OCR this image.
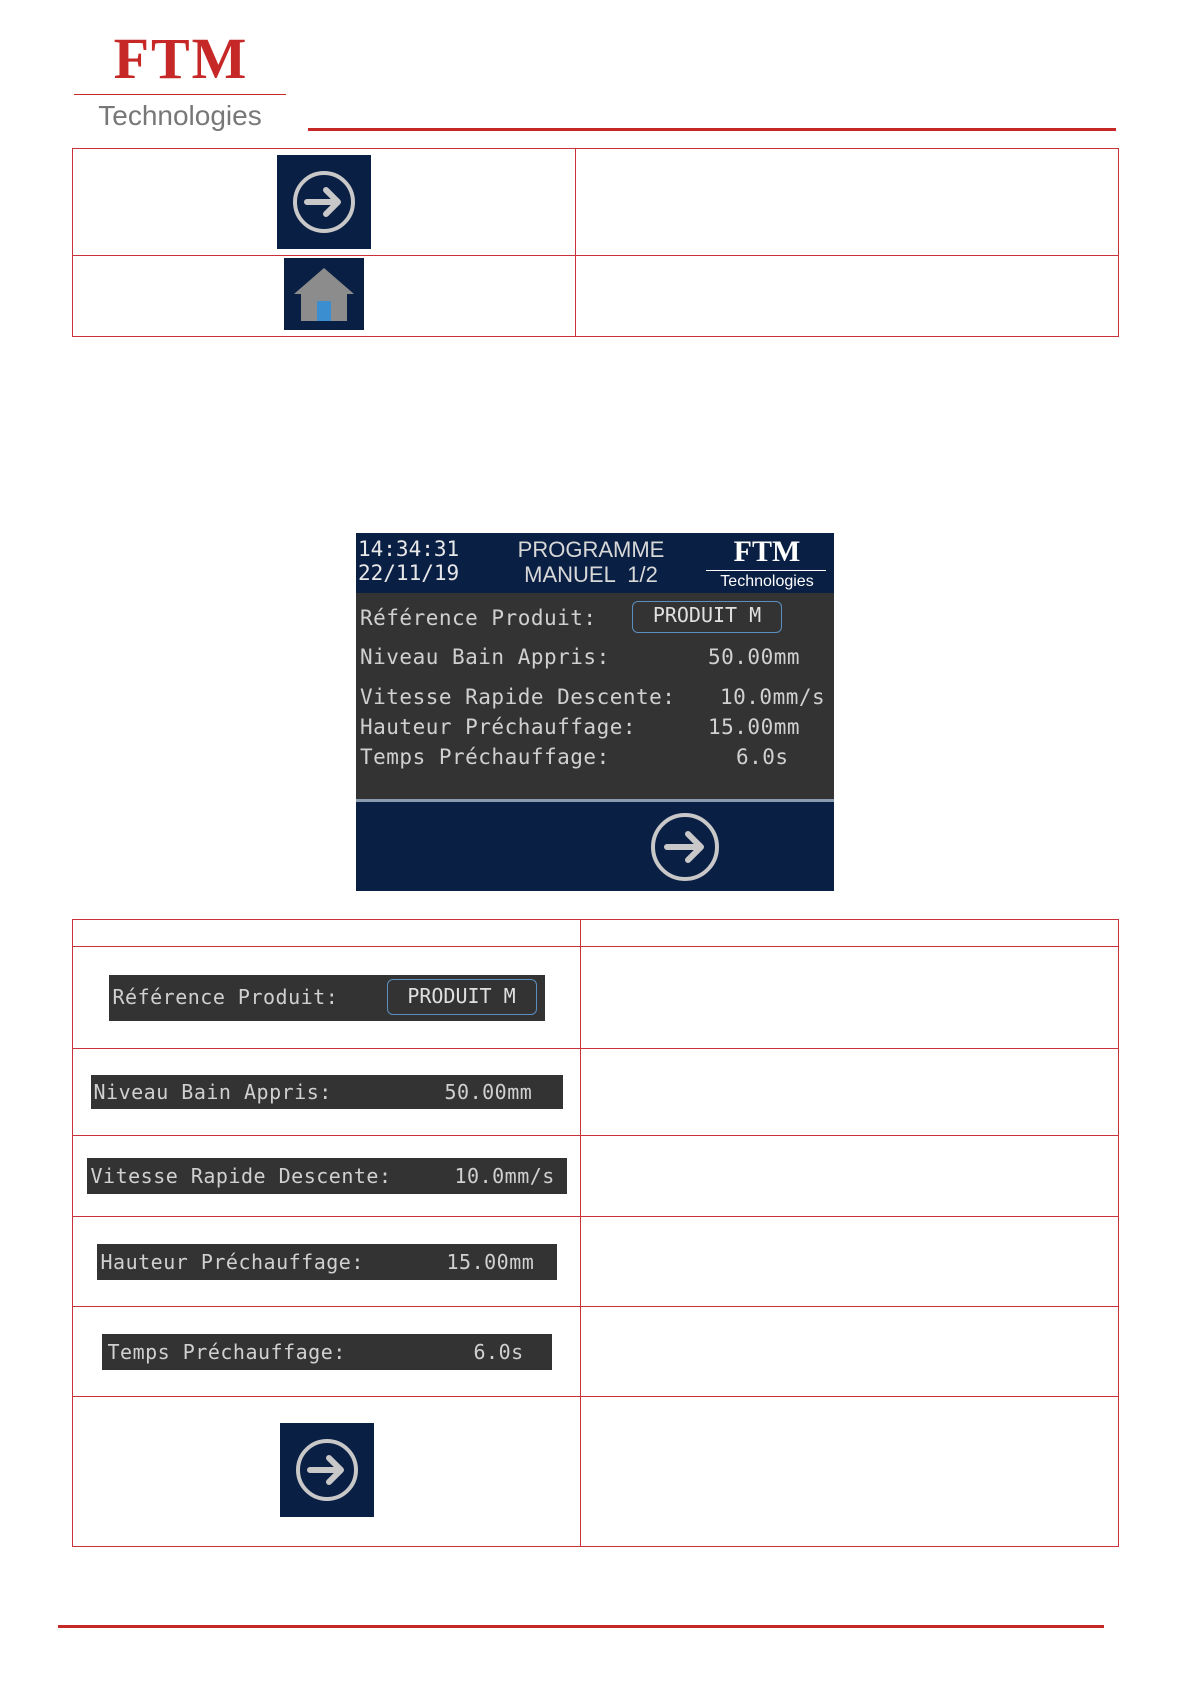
FTM
Technologies

14:34:31
22/11/19
PROGRAMME
MANUEL  1/2
FTM
Technologies
Référence Produit:	PRODUIT M
Niveau Bain Appris:	50.00mm
Vitesse Rapide Descente: 10.0mm/s
Hauteur Préchauffage:	15.00mm
Temps Préchauffage:	6.0s

Référence Produit: PRODUIT M	

Niveau Bain Appris: 50.00mm	

Vitesse Rapide Descente: 10.0mm/s	

Hauteur Préchauffage: 15.00mm	

Temps Préchauffage: 6.0s	
